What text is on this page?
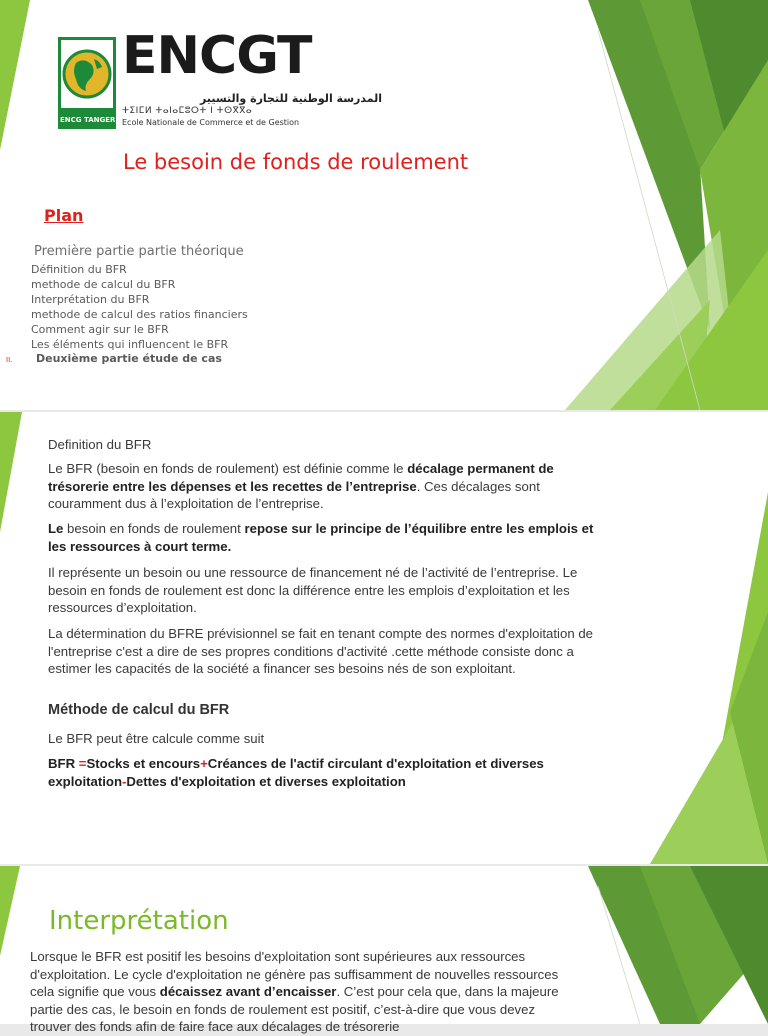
ENCG TANGER
ENCGT
المدرسة الوطنية للتجارة والتسيير
ⵜⵉⵏⵎⵍ ⵜⴰⵏⴰⵎⵓⵔⵜ ⵏ ⵜⵙⴳⴳⴰ
Ecole Nationale de Commerce et de Gestion
Le besoin de fonds de roulement
Plan
Première partie partie théorique
Définition du BFR
methode de calcul du BFR
Interprétation du BFR
methode de calcul des ratios financiers
Comment agir sur le BFR
Les éléments qui influencent le BFR
II. Deuxième partie étude de cas
Definition du BFR

Le BFR (besoin en fonds de roulement) est définie comme le décalage permanent de trésorerie entre les dépenses et les recettes de l’entreprise. Ces décalages sont couramment dus à l’exploitation de l’entreprise.

Le besoin en fonds de roulement repose sur le principe de l’équilibre entre les emplois et les ressources à court terme.

Il représente un besoin ou une ressource de financement né de l’activité de l’entreprise. Le besoin en fonds de roulement est donc la différence entre les emplois d’exploitation et les ressources d’exploitation.

La détermination du BFRE prévisionnel se fait en tenant compte des normes d'exploitation de l'entreprise c'est a dire de ses propres conditions d'activité .cette méthode consiste donc a estimer les capacités de la société a financer ses besoins nés de son exploitant.

Méthode de calcul du BFR

Le BFR peut être calcule comme suit

BFR =Stocks et encours+Créances de l'actif circulant d'exploitation et diverses exploitation-Dettes d'exploitation et diverses exploitation

Interprétation

Lorsque le BFR est positif les besoins d'exploitation sont supérieures aux ressources d'exploitation. Le cycle d'exploitation ne génère pas suffisamment de nouvelles ressources cela signifie que vous décaissez avant d’encaisser. C’est pour cela que, dans la majeure partie des cas, le besoin en fonds de roulement est positif, c’est-à-dire que vous devez trouver des fonds afin de faire face aux décalages de trésorerie
